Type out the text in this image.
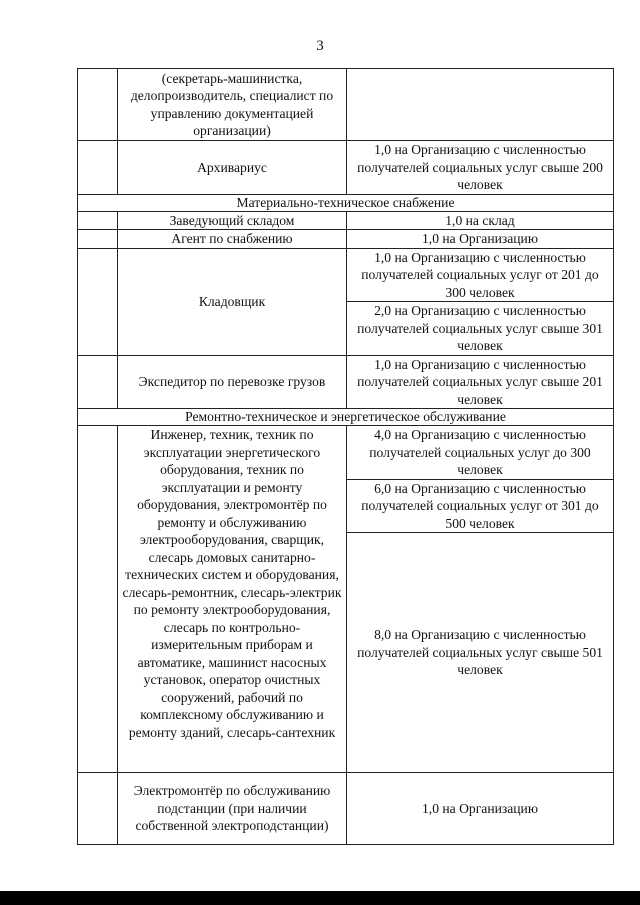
3
	(секретарь-машинистка, делопроизводитель, специалист по управлению документацией организации)	
	Архивариус	1,0 на Организацию с численностью получателей социальных услуг свыше 200 человек
Материально-техническое снабжение		
	Заведующий складом	1,0 на склад
	Агент по снабжению	1,0 на Организацию
	Кладовщик	1,0 на Организацию с численностью получателей социальных услуг от 201 до 300 человек
		2,0 на Организацию с численностью получателей социальных услуг свыше 301 человек
	Экспедитор по перевозке грузов	1,0 на Организацию с численностью получателей социальных услуг свыше 201 человек
Ремонтно-техническое и энергетическое обслуживание		
	Инженер, техник, техник по эксплуатации энергетического оборудования, техник по эксплуатации и ремонту оборудования, электромонтёр по ремонту и обслуживанию электрооборудования, сварщик, слесарь домовых санитарно-технических систем и оборудования, слесарь-ремонтник, слесарь-электрик по ремонту электрооборудования, слесарь по контрольно-измерительным приборам и автоматике, машинист насосных установок, оператор очистных сооружений, рабочий по комплексному обслуживанию и ремонту зданий, слесарь-сантехник	4,0 на Организацию с численностью получателей социальных услуг до 300 человек
		6,0 на Организацию с численностью получателей социальных услуг от 301 до 500 человек
		8,0 на Организацию с численностью получателей социальных услуг свыше 501 человек
	Электромонтёр по обслуживанию подстанции (при наличии собственной электроподстанции)	1,0 на Организацию
